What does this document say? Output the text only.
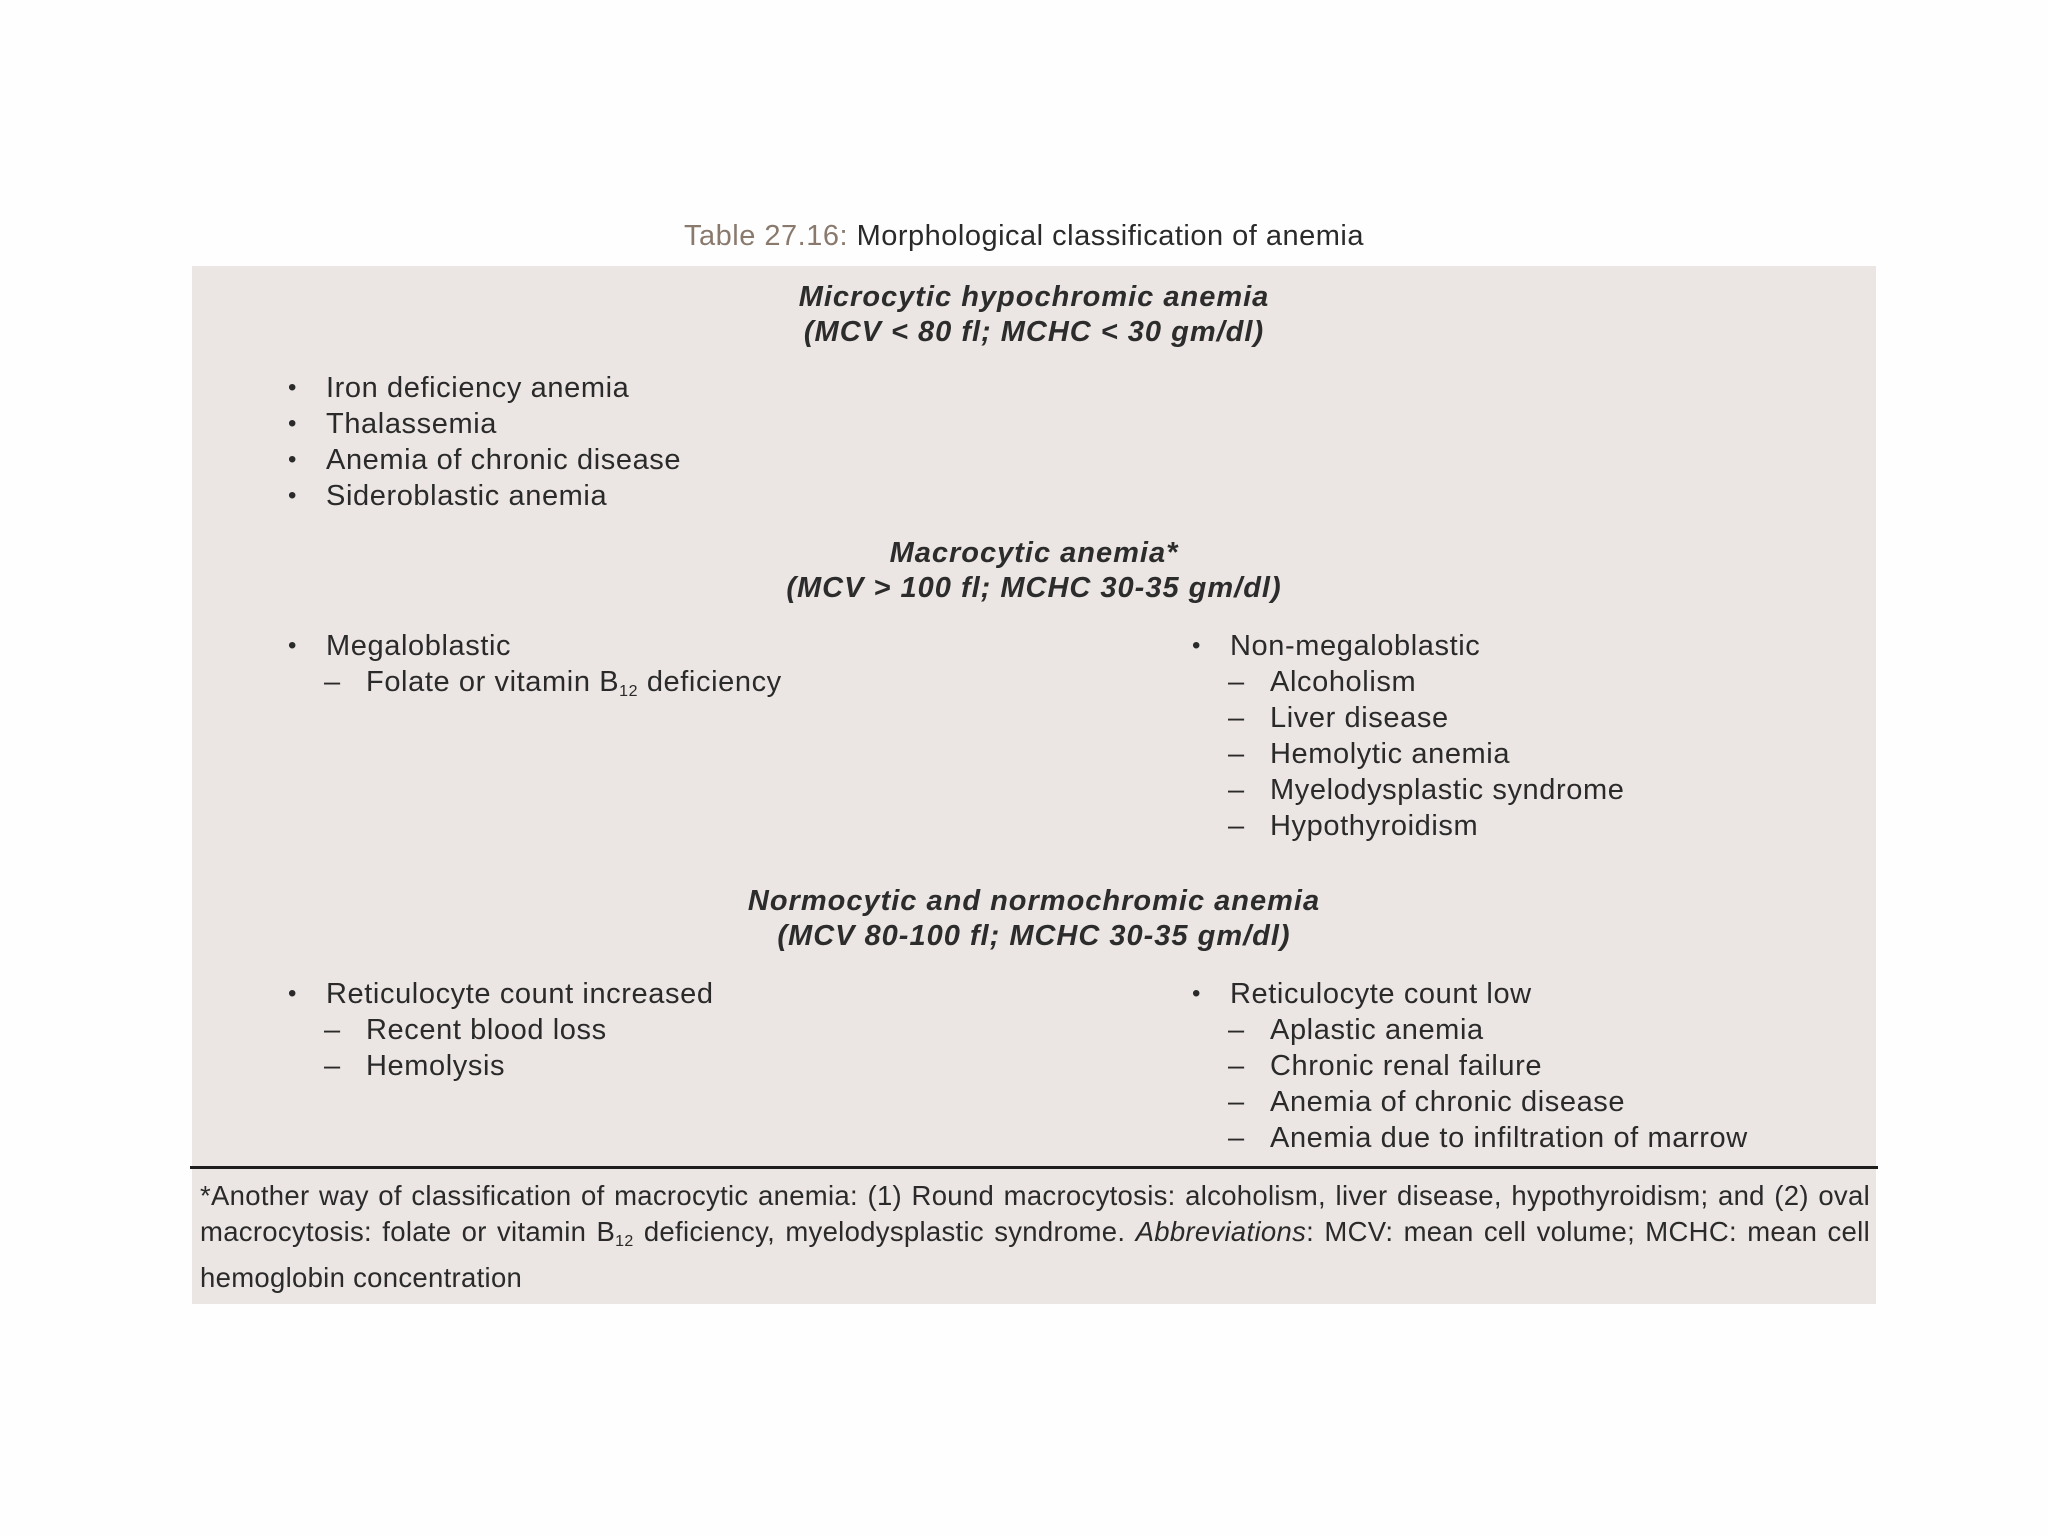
Table 27.16: Morphological classification of anemia
Microcytic hypochromic anemia
(MCV < 80 fl; MCHC < 30 gm/dl)
• Iron deficiency anemia
• Thalassemia
• Anemia of chronic disease
• Sideroblastic anemia
Macrocytic anemia*
(MCV > 100 fl; MCHC 30-35 gm/dl)
• Megaloblastic
– Folate or vitamin $B_{12}$ deficiency
• Non-megaloblastic
– Alcoholism
– Liver disease
– Hemolytic anemia
– Myelodysplastic syndrome
– Hypothyroidism
Normocytic and normochromic anemia
(MCV 80-100 fl; MCHC 30-35 gm/dl)
• Reticulocyte count increased
– Recent blood loss
– Hemolysis
• Reticulocyte count low
– Aplastic anemia
– Chronic renal failure
– Anemia of chronic disease
– Anemia due to infiltration of marrow
*Another way of classification of macrocytic anemia: (1) Round macrocytosis: alcoholism, liver disease, hypothyroidism; and (2) oval macrocytosis: folate or vitamin $B_{12}$ deficiency, myelodysplastic syndrome. Abbreviations: MCV: mean cell volume; MCHC: mean cell hemoglobin concentration
